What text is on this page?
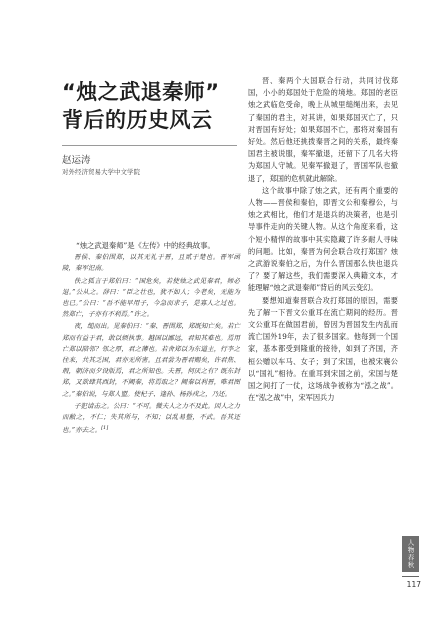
“烛之武退秦师”
背后的历史风云
赵运涛
对外经济贸易大学中文学院

“烛之武退秦师”是《左传》中的经典故事。

晋侯、秦伯围郑，以其无礼于晋，且贰于楚也。晋军函陵，秦军氾南。

佚之狐言于郑伯曰：“国危矣，若使烛之武见秦君，师必退。”公从之。辞曰：“臣之壮也，犹不如人；今老矣，无能为也已。”公曰：“吾不能早用子，今急而求子，是寡人之过也。然郑亡，子亦有不利焉。”许之。

夜，缒而出。见秦伯曰：“秦、晋围郑，郑既知亡矣。若亡郑而有益于君，敢以烦执事。越国以鄙远，君知其难也。焉用亡郑以陪邻？邻之厚，君之薄也。若舍郑以为东道主，行李之往来，共其乏困，君亦无所害。且君尝为晋君赐矣，许君焦、瑕，朝济而夕设版焉，君之所知也。夫晋，何厌之有？既东封郑，又欲肆其西封，不阙秦，将焉取之？阙秦以利晋，唯君图之。”秦伯说，与郑人盟。使杞子、逢孙、杨孙戍之，乃还。

子犯请击之。公曰：“不可。微夫人之力不及此。因人之力而敝之，不仁；失其所与，不知；以乱易整，不武。吾其还也。”亦去之。[1]

晋、秦两个大国联合行动，共同讨伐郑国，小小的郑国处于危险的境地。郑国的老臣烛之武临危受命，晚上从城里缒绳出来，去见了秦国的君主，对其讲，如果郑国灭亡了，只对晋国有好处；如果郑国不亡，那将对秦国有好处。然后他还挑拨秦晋之间的关系，最终秦国君主被说服，秦军撤退，还留下了几名大将为郑国人守城。见秦军撤退了，晋国军队也撤退了，郑国的危机就此解除。

这个故事中除了烛之武，还有两个重要的人物——晋侯和秦伯，即晋文公和秦穆公，与烛之武相比，他们才是退兵的决策者，也是引导事件走向的关键人物。从这个角度来看，这个短小精悍的故事中其实隐藏了许多耐人寻味的问题。比如，秦晋为何会联合攻打郑国？烛之武游说秦伯之后，为什么晋国那么快也退兵了？要了解这些，我们需要深入典籍文本，才能理解“烛之武退秦师”背后的风云变幻。

要想知道秦晋联合攻打郑国的原因，需要先了解一下晋文公重耳在流亡期间的经历。晋文公重耳在做国君前，曾因为晋国发生内乱而流亡国外19年，去了很多国家。他每到一个国家，基本都受到隆重的接待，如到了齐国，齐桓公赠以车马、女子；到了宋国，也被宋襄公以“国礼”相待。在重耳到宋国之前，宋国与楚国之间打了一仗，这场战争被称为“泓之战”。在“泓之战”中，宋军因兵力

人物春秋
117
